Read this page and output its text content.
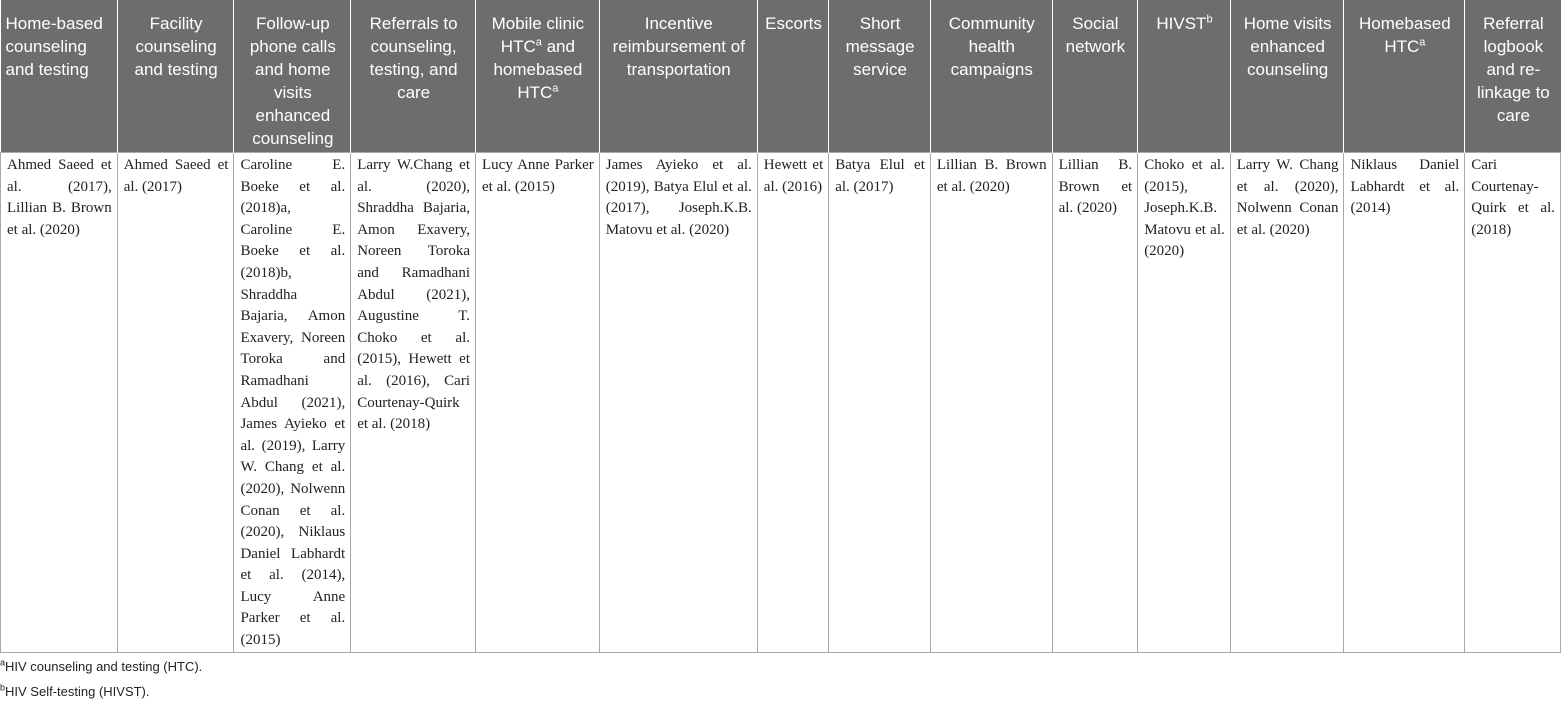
Home-based counseling and testing	Facility counseling and testing	Follow-up phone calls and home visits enhanced counseling	Referrals to counseling, testing, and care	Mobile clinic HTC$^a$ and homebased HTC$^a$	Incentive reimbursement of transportation	Escorts	Short message service	Community health campaigns	Social network	HIVST$^b$	Home visits enhanced counseling	Homebased HTC$^a$	Referral logbook and re-linkage to care
Ahmed Saeed et al. (2017), Lillian B. Brown et al. (2020)	Ahmed Saeed et al. (2017)	Caroline E. Boeke et al. (2018)a, Caroline E. Boeke et al. (2018)b, Shraddha Bajaria, Amon Exavery, Noreen Toroka and Ramadhani Abdul (2021), James Ayieko et al. (2019), Larry W. Chang et al. (2020), Nolwenn Conan et al. (2020), Niklaus Daniel Labhardt et al. (2014), Lucy Anne Parker et al. (2015)	Larry W.Chang et al. (2020), Shraddha Bajaria, Amon Exavery, Noreen Toroka and Ramadhani Abdul (2021), Augustine T. Choko et al. (2015), Hewett et al. (2016), Cari Courtenay-Quirk et al. (2018)	Lucy Anne Parker et al. (2015)	James Ayieko et al. (2019), Batya Elul et al. (2017), Joseph.K.B. Matovu et al. (2020)	Hewett et al. (2016)	Batya Elul et al. (2017)	Lillian B. Brown et al. (2020)	Lillian B. Brown et al. (2020)	Choko et al. (2015), Joseph.K.B. Matovu et al. (2020)	Larry W. Chang et al. (2020), Nolwenn Conan et al. (2020)	Niklaus Daniel Labhardt et al. (2014)	Cari Courtenay-Quirk et al. (2018)
$^a$HIV counseling and testing (HTC).
$^b$HIV Self-testing (HIVST).
